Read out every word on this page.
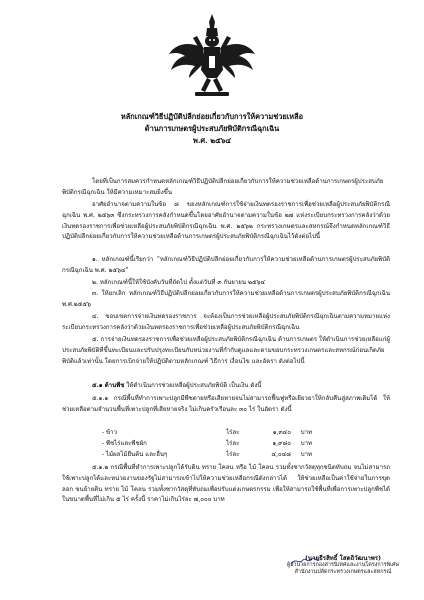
หลักเกณฑ์วิธีปฏิบัติปลีกย่อยเกี่ยวกับการให้ความช่วยเหลือ
ด้านการเกษตรผู้ประสบภัยพิบัติกรณีฉุกเฉิน
พ.ศ. ๒๕๖๔
โดยที่เป็นการสมควรกำหนดหลักเกณฑ์วิธีปฏิบัติปลีกย่อยเกี่ยวกับการให้ความช่วยเหลือด้านการเกษตรผู้ประสบภัยพิบัติกรณีฉุกเฉิน ให้มีความเหมาะสมยิ่งขึ้น
อาศัยอำนาจตามความในข้อ ๘ ของหลักเกณฑ์การใช้จ่ายเงินทดรองราชการเพื่อช่วยเหลือผู้ประสบภัยพิบัติกรณีฉุกเฉิน พ.ศ. ๒๕๖๓ ซึ่งกระทรวงการคลังกำหนดขึ้นโดยอาศัยอำนาจตามความในข้อ ๒๗ แห่งระเบียบกระทรวงการคลังว่าด้วยเงินทดรองราชการเพื่อช่วยเหลือผู้ประสบภัยพิบัติกรณีฉุกเฉิน พ.ศ. ๒๕๖๒ กระทรวงเกษตรและสหกรณ์จึงกำหนดหลักเกณฑ์วิธีปฏิบัติปลีกย่อยเกี่ยวกับการให้ความช่วยเหลือด้านการเกษตรผู้ประสบภัยพิบัติกรณีฉุกเฉินไว้ดังต่อไปนี้
๑. หลักเกณฑ์นี้เรียกว่า "หลักเกณฑ์วิธีปฏิบัติปลีกย่อยเกี่ยวกับการให้ความช่วยเหลือด้านการเกษตรผู้ประสบภัยพิบัติกรณีฉุกเฉิน พ.ศ. ๒๕๖๔"
๒. หลักเกณฑ์นี้ให้ใช้บังคับวันที่ถัดไป ตั้งแต่วันที่ ๓ กันยายน ๒๕๖๔
๓. ให้ยกเลิก หลักเกณฑ์วิธีปฏิบัติปลีกย่อยเกี่ยวกับการให้ความช่วยเหลือด้านการเกษตรผู้ประสบภัยพิบัติกรณีฉุกเฉิน พ.ศ.๒๕๕๖
๔. ขอบเขตการจ่ายเงินทดรองราชการ จะต้องเป็นการช่วยเหลือผู้ประสบภัยพิบัติกรณีฉุกเฉินตามความหมายแห่งระเบียบกระทรวงการคลังว่าด้วยเงินทดรองราชการเพื่อช่วยเหลือผู้ประสบภัยพิบัติกรณีฉุกเฉิน
๕. การจ่ายเงินทดรองราชการเพื่อช่วยเหลือผู้ประสบภัยพิบัติกรณีฉุกเฉิน ด้านการเกษตร ให้ดำเนินการช่วยเหลือแก่ผู้ประสบภัยพิบัติที่ขึ้นทะเบียนและปรับปรุงทะเบียนกับหน่วยงานที่กำกับดูแลและตามขอบกระทรวงเกษตรและสหกรณ์ก่อนเกิดภัยพิบัติแล้วเท่านั้น โดยการเบิกจ่ายให้ปฏิบัติตามหลักเกณฑ์ วิธีการ เงื่อนไข และอัตรา ดังต่อไปนี้
๕.๑ ด้านพืช ให้ดำเนินการช่วยเหลือผู้ประสบภัยพิบัติ เป็นเงิน ดังนี้
๕.๑.๑ กรณีพื้นที่ทำการเพาะปลูกมีพืชตายหรือเสียหายจนไม่สามารถฟื้นฟูหรือเยียวยาให้กลับคืนสู่สภาพเดิมได้ ให้ช่วยเหลือตามจำนวนพื้นที่เพาะปลูกที่เสียหายจริง ไม่เกินครัวเรือนละ ๓๐ ไร่ ในอัตรา ดังนี้
- ข้าว	ไร่ละ	๑,๓๔๐	บาท
- พืชไร่และพืชผัก	ไร่ละ	๑,๙๘๐	บาท
- ไม้ผลไม้ยืนต้น และอื่นๆ	ไร่ละ	๔,๐๔๘	บาท
๕.๑.๒ กรณีพื้นที่ทำการเพาะปลูกได้รับดิน ทราย โคลน หรือ ไม้ โคลน รวมทั้งซากวัสดุทุกชนิดทับถม จนไม่สามารถใช้เพาะปลูกได้และหน่วยงานของรัฐไม่สามารถเข้าไปให้ความช่วยเหลือกรณีดังกล่าวได้ ให้ช่วยเหลือเป็นค่าใช้จ่ายในการขุดลอก ขนย้ายดิน ทราย ไม้ โคลน รวมทั้งซากวัสดุที่ทับถมเพื่อปรับแต่งเกษตรกรรม เพื่อให้สามารถใช้พื้นที่เพื่อการเพาะปลูกพืชได้ในขนาดพื้นที่ไม่เกิน ๕ ไร่ ครั้งนี้ ราคาไม่เกินไร่ละ ๗,๐๐๐ บาท
(นายธีรสิทธิ์ โสตถิวัฒนาพร)
ผู้อำนวยการกองสารนิเทศและงานโครงการพิเศษ
สำนักงานปลัดกระทรวงเกษตรและสหกรณ์
